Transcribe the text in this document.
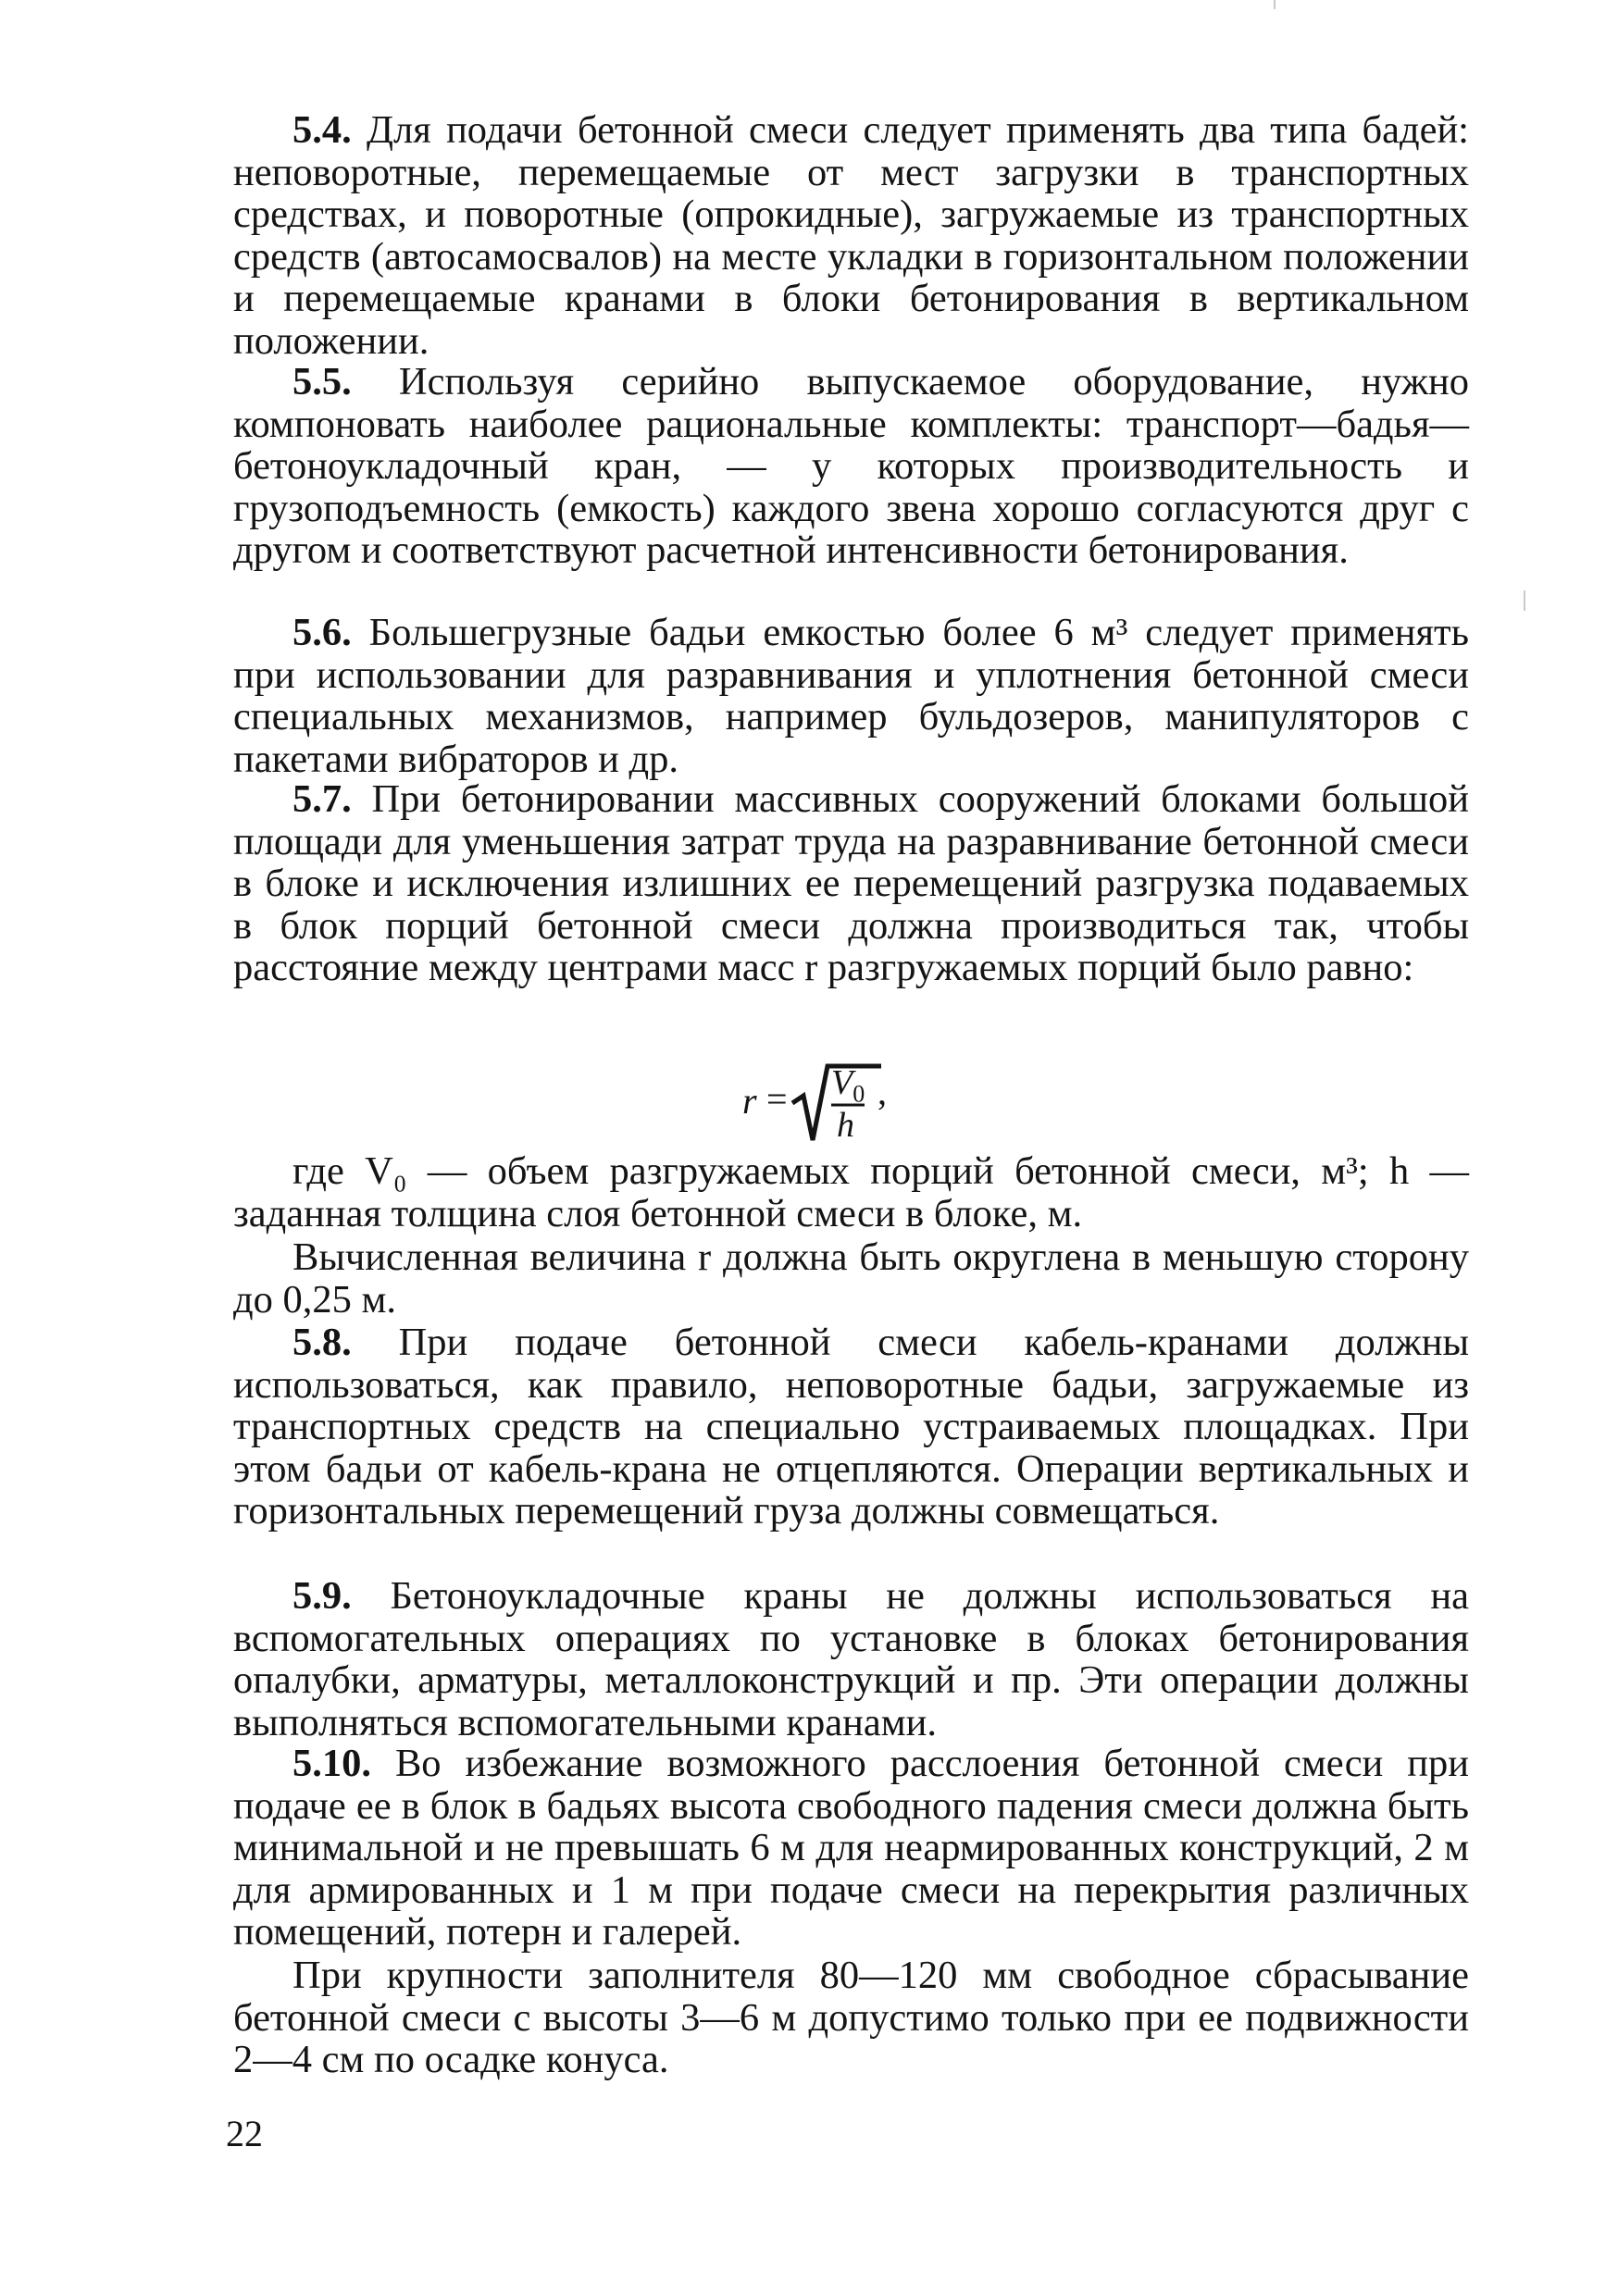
5.4. Для подачи бетонной смеси следует применять два типа бадей: неповоротные, перемещаемые от мест загрузки в транспортных средствах, и поворотные (опрокидные), загружаемые из транспортных средств (автосамосвалов) на месте укладки в горизонтальном положении и перемещаемые кранами в блоки бетонирования в вертикальном положении.

5.5. Используя серийно выпускаемое оборудование, нужно компоновать наиболее рациональные комплекты: транспорт—бадья—бетоноукладочный кран, — у которых производительность и грузоподъемность (емкость) каждого звена хорошо согласуются друг с другом и соответствуют расчетной интенсивности бетонирования.

5.6. Большегрузные бадьи емкостью более 6 м³ следует применять при использовании для разравнивания и уплотнения бетонной смеси специальных механизмов, например бульдозеров, манипуляторов с пакетами вибраторов и др.

5.7. При бетонировании массивных сооружений блоками большой площади для уменьшения затрат труда на разравнивание бетонной смеси в блоке и исключения излишних ее перемещений разгрузка подаваемых в блок порций бетонной смеси должна производиться так, чтобы расстояние между центрами масс r разгружаемых порций было равно:

$r = V_0$
h
,

где V₀ — объем разгружаемых порций бетонной смеси, м³; h — заданная толщина слоя бетонной смеси в блоке, м.

Вычисленная величина r должна быть округлена в меньшую сторону до 0,25 м.

5.8. При подаче бетонной смеси кабель-кранами должны использоваться, как правило, неповоротные бадьи, загружаемые из транспортных средств на специально устраиваемых площадках. При этом бадьи от кабель-крана не отцепляются. Операции вертикальных и горизонтальных перемещений груза должны совмещаться.

5.9. Бетоноукладочные краны не должны использоваться на вспомогательных операциях по установке в блоках бетонирования опалубки, арматуры, металлоконструкций и пр. Эти операции должны выполняться вспомогательными кранами.

5.10. Во избежание возможного расслоения бетонной смеси при подаче ее в блок в бадьях высота свободного падения смеси должна быть минимальной и не превышать 6 м для неармированных конструкций, 2 м для армированных и 1 м при подаче смеси на перекрытия различных помещений, потерн и галерей.

При крупности заполнителя 80—120 мм свободное сбрасывание бетонной смеси с высоты 3—6 м допустимо только при ее подвижности 2—4 см по осадке конуса.

22
